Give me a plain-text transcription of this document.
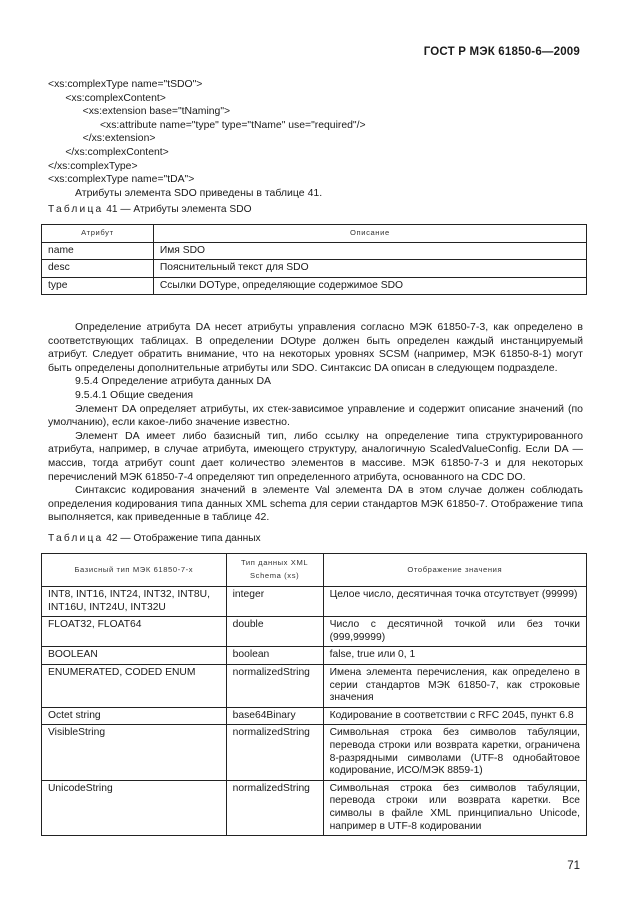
ГОСТ Р МЭК 61850-6—2009
<xs:complexType name="tSDO">
<xs:complexContent>
<xs:extension base="tNaming">
<xs:attribute name="type" type="tName" use="required"/>
</xs:extension>
</xs:complexContent>
</xs:complexType>
<xs:complexType name="tDA">

Атрибуты элемента SDO приведены в таблице 41.

Таблица 41 — Атрибуты элемента SDO
Атрибут	Описание
name	Имя SDO
desc	Пояснительный текст для SDO
type	Ссылки DOType, определяющие содержимое SDO

Определение атрибута DA несет атрибуты управления согласно МЭК 61850-7-3, как определено в соответствующих таблицах. В определении DOtype должен быть определен каждый инстанцируемый атрибут. Следует обратить внимание, что на некоторых уровнях SCSM (например, МЭК 61850-8-1) могут быть определены дополнительные атрибуты или SDO. Синтаксис DA описан в следующем подразделе.

9.5.4 Определение атрибута данных DA

9.5.4.1 Общие сведения

Элемент DA определяет атрибуты, их стек-зависимое управление и содержит описание значений (по умолчанию), если какое-либо значение известно.

Элемент DA имеет либо базисный тип, либо ссылку на определение типа структурированного атрибута, например, в случае атрибута, имеющего структуру, аналогичную ScaledValueConfig. Если DA — массив, тогда атрибут count дает количество элементов в массиве. МЭК 61850-7-3 и для некоторых перечислений МЭК 61850-7-4 определяют тип определенного атрибута, основанного на CDC DO.

Синтаксис кодирования значений в элементе Val элемента DA в этом случае должен соблюдать определения кодирования типа данных XML schema для серии стандартов МЭК 61850-7. Отображение типа выполняется, как приведенные в таблице 42.

Таблица 42 — Отображение типа данных
Базисный тип МЭК 61850-7-х	Тип данных XML Schema (xs)	Отображение значения
INT8, INT16, INT24, INT32, INT8U, INT16U, INT24U, INT32U	integer	Целое число, десятичная точка отсутствует (99999)
FLOAT32, FLOAT64	double	Число с десятичной точкой или без точки (999,99999)
BOOLEAN	boolean	false, true или 0, 1
ENUMERATED, CODED ENUM	normalizedString	Имена элемента перечисления, как определено в серии стандартов МЭК 61850-7, как строковые значения
Octet string	base64Binary	Кодирование в соответствии с RFC 2045, пункт 6.8
VisibleString	normalizedString	Символьная строка без символов табуляции, перевода строки или возврата каретки, ограничена 8-разрядными символами (UTF-8 однобайтовое кодирование, ИСО/МЭК 8859-1)
UnicodeString	normalizedString	Символьная строка без символов табуляции, перевода строки или возврата каретки. Все символы в файле XML принципиально Unicode, например в UTF-8 кодировании
71
